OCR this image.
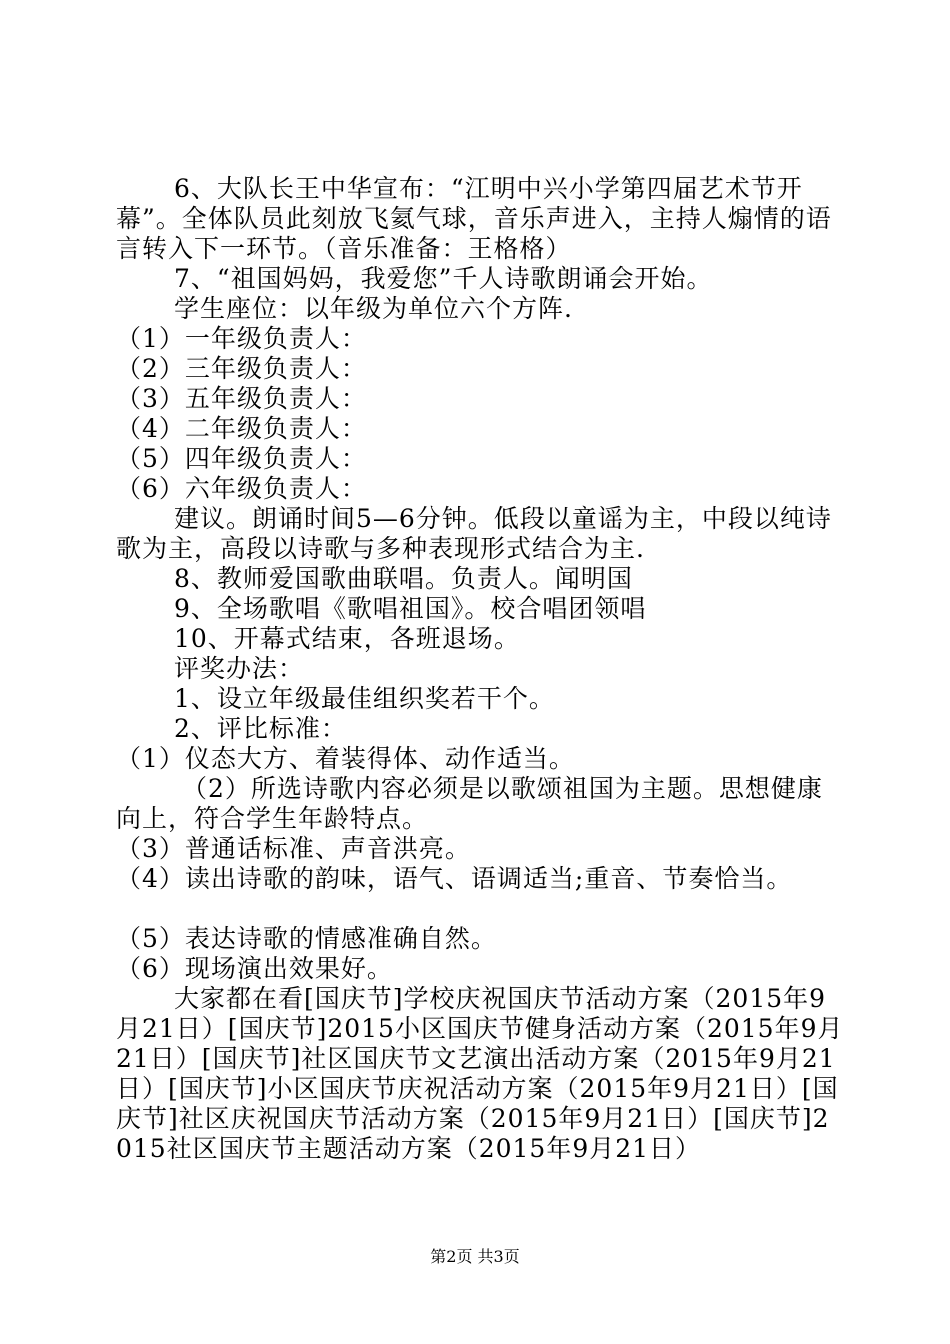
6、大队长王中华宣布：“江明中兴小学第四届艺术节开幕”。全体队员此刻放飞氦气球，音乐声进入，主持人煽情的语言转入下一环节。（音乐准备：王格格）

7、“祖国妈妈，我爱您”千人诗歌朗诵会开始。

学生座位：以年级为单位六个方阵.

（1）一年级负责人：

（2）三年级负责人：

（3）五年级负责人：

（4）二年级负责人：

（5）四年级负责人：

（6）六年级负责人：

建议。朗诵时间5—6分钟。低段以童谣为主，中段以纯诗歌为主，高段以诗歌与多种表现形式结合为主.

8、教师爱国歌曲联唱。负责人。闻明国

9、全场歌唱《歌唱祖国》。校合唱团领唱

10、开幕式结束，各班退场。

评奖办法：

1、设立年级最佳组织奖若干个。

2、评比标准：

（1）仪态大方、着装得体、动作适当。

（2）所选诗歌内容必须是以歌颂祖国为主题。思想健康向上，符合学生年龄特点。

（3）普通话标准、声音洪亮。

（4）读出诗歌的韵味，语气、语调适当;重音、节奏恰当。

（5）表达诗歌的情感准确自然。

（6）现场演出效果好。

大家都在看[国庆节]学校庆祝国庆节活动方案（2015年9月21日）[国庆节]2015小区国庆节健身活动方案（2015年9月21日）[国庆节]社区国庆节文艺演出活动方案（2015年9月21日）[国庆节]小区国庆节庆祝活动方案（2015年9月21日）[国庆节]社区庆祝国庆节活动方案（2015年9月21日）[国庆节]2015社区国庆节主题活动方案（2015年9月21日）

第2页 共3页
